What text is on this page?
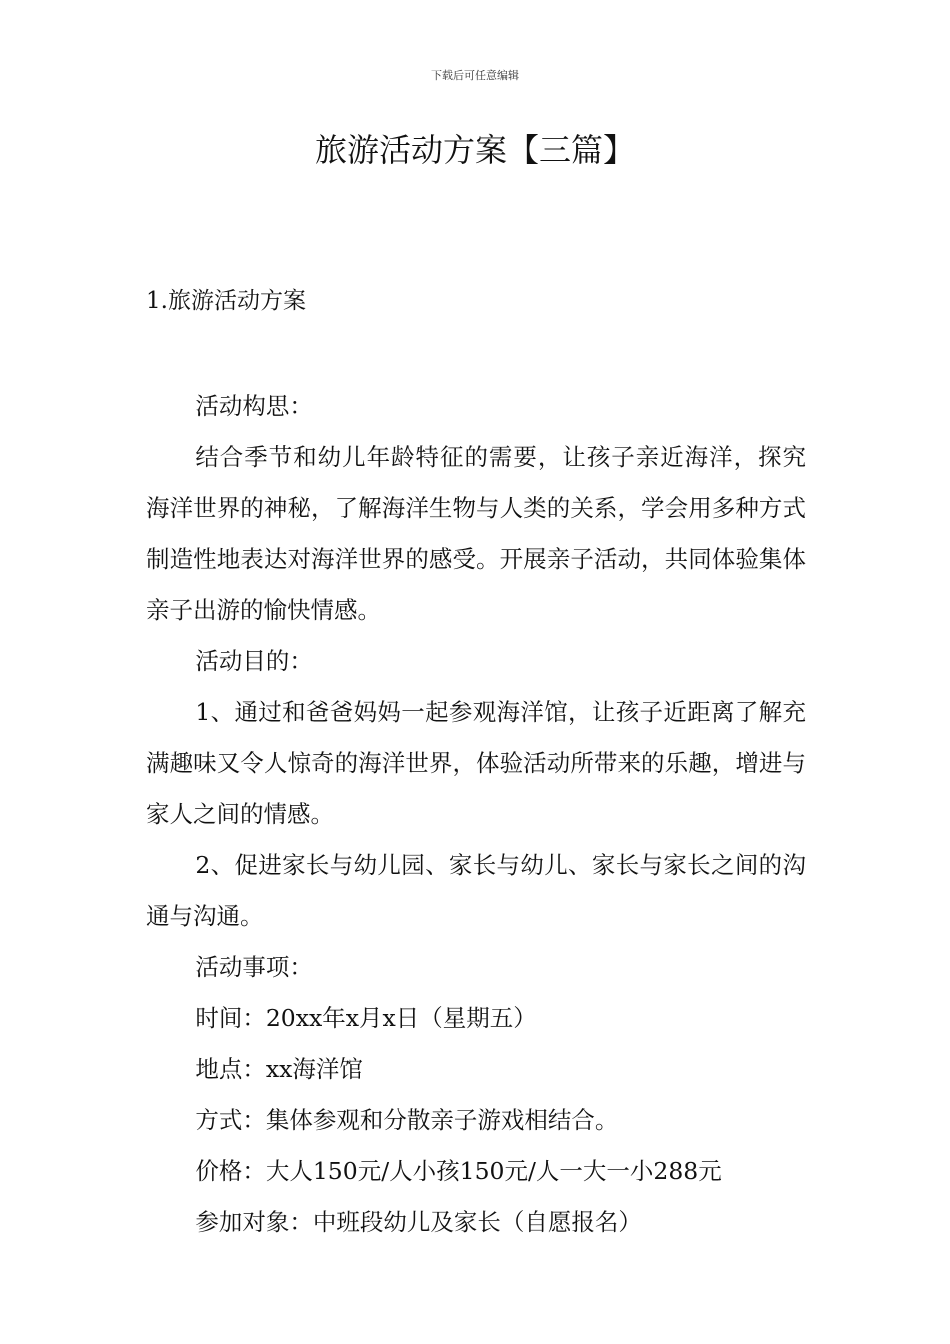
下载后可任意编辑
旅游活动方案【三篇】
1.旅游活动方案

活动构思：

结合季节和幼儿年龄特征的需要，让孩子亲近海洋，探究海洋世界的神秘，了解海洋生物与人类的关系，学会用多种方式制造性地表达对海洋世界的感受。开展亲子活动，共同体验集体亲子出游的愉快情感。

活动目的：

1、通过和爸爸妈妈一起参观海洋馆，让孩子近距离了解充满趣味又令人惊奇的海洋世界，体验活动所带来的乐趣，增进与家人之间的情感。

2、促进家长与幼儿园、家长与幼儿、家长与家长之间的沟通与沟通。

活动事项：

时间：20xx年x月x日（星期五）

地点：xx海洋馆

方式：集体参观和分散亲子游戏相结合。

价格：大人150元/人小孩150元/人一大一小288元

参加对象：中班段幼儿及家长（自愿报名）
